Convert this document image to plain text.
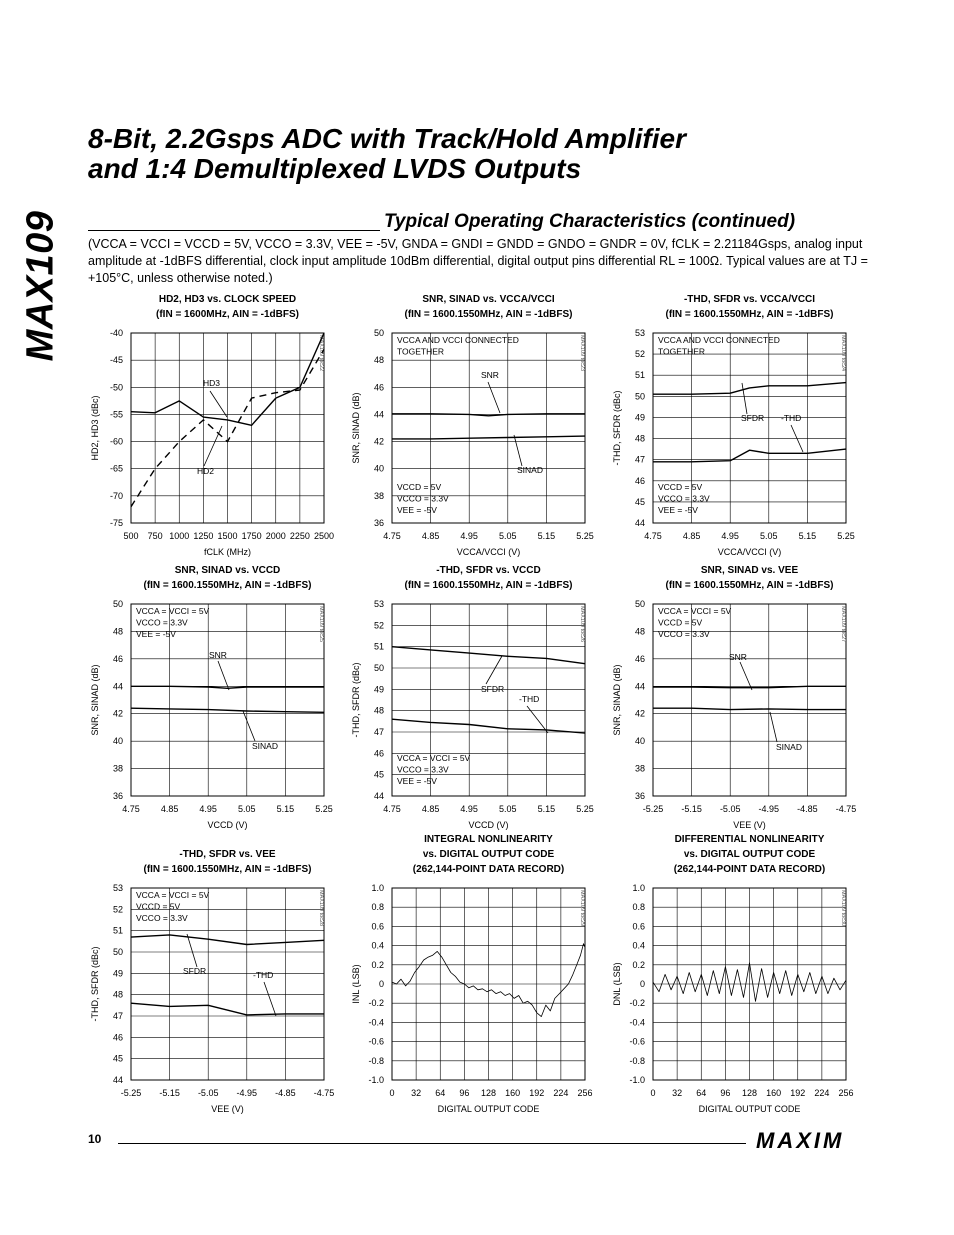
MAX109
8-Bit, 2.2Gsps ADC with Track/Hold Amplifier
and 1:4 Demultiplexed LVDS Outputs
Typical Operating Characteristics (continued)
(VCCA = VCCI = VCCD = 5V, VCCO = 3.3V, VEE = -5V, GNDA = GNDI = GNDD = GNDO = GNDR = 0V, fCLK = 2.21184Gsps, analog input amplitude at -1dBFS differential, clock input amplitude 10dBm differential, digital output pins differential RL = 100Ω. Typical values are at TJ = +105°C, unless otherwise noted.)
HD2, HD3 vs. CLOCK SPEED
(fIN = 1600MHz, AIN = -1dBFS)
500 750 1000 1250 1500 1750 2000 2250 2500
-40
-45
-50
-55
-60
-65
-70
-75
fCLK (MHz)
HD2, HD3 (dBc)
MAX109 toc22
HD3
HD2
SNR, SINAD vs. VCCA/VCCI
(fIN = 1600.1550MHz, AIN = -1dBFS)
4.75 4.85 4.95 5.05 5.15 5.25
50
48
46
44
42
40
38
36
VCCA/VCCI (V)
SNR, SINAD (dB)
MAX109 toc23
SNR
SINAD
VCCA AND VCCI CONNECTED
TOGETHER
VCCD = 5V
VCCO = 3.3V
VEE = -5V
-THD, SFDR vs. VCCA/VCCI
(fIN = 1600.1550MHz, AIN = -1dBFS)
4.75 4.85 4.95 5.05 5.15 5.25
53
52
51
50
49
48
47
46
45
44
VCCA/VCCI (V)
-THD, SFDR (dBc)
MAX109 toc24
SFDR -THD
VCCA AND VCCI CONNECTED
TOGETHER
VCCD = 5V
VCCO = 3.3V
VEE = -5V
SNR, SINAD vs. VCCD
(fIN = 1600.1550MHz, AIN = -1dBFS)
4.75 4.85 4.95 5.05 5.15 5.25
50
48
46
44
42
40
38
36
VCCD (V)
SNR, SINAD (dB)
MAX109 toc25
SNR
SINAD
VCCA = VCCI = 5V
VCCO = 3.3V
VEE = -5V
-THD, SFDR vs. VCCD
(fIN = 1600.1550MHz, AIN = -1dBFS)
4.75 4.85 4.95 5.05 5.15 5.25
53
52
51
50
49
48
47
46
45
44
VCCD (V)
-THD, SFDR (dBc)
MAX109 toc26
SFDR
-THD
VCCA = VCCI = 5V
VCCO = 3.3V
VEE = -5V
SNR, SINAD vs. VEE
(fIN = 1600.1550MHz, AIN = -1dBFS)
-5.25 -5.15 -5.05 -4.95 -4.85 -4.75
50
48
46
44
42
40
38
36
VEE (V)
SNR, SINAD (dB)
MAX109 toc27
SNR
SINAD
VCCA = VCCI = 5V
VCCD = 5V
VCCO = 3.3V
-THD, SFDR vs. VEE
(fIN = 1600.1550MHz, AIN = -1dBFS)
-5.25 -5.15 -5.05 -4.95 -4.85 -4.75
53
52
51
50
49
48
47
46
45
44
VEE (V)
-THD, SFDR (dBc)
MAX109 toc28
SFDR	-THD
VCCA = VCCI = 5V
VCCD = 5V
VCCO = 3.3V
INTEGRAL NONLINEARITY
vs. DIGITAL OUTPUT CODE
(262,144-POINT DATA RECORD)
0 32 64 96 128 160 192 224 256
1.0
0.8
0.6
0.4
0.2
0
-0.2
-0.4
-0.6
-0.8
-1.0
DIGITAL OUTPUT CODE
INL (LSB)
MAX109 toc29
DIFFERENTIAL NONLINEARITY
vs. DIGITAL OUTPUT CODE
(262,144-POINT DATA RECORD)
0 32 64 96 128 160 192 224 256
1.0
0.8
0.6
0.4
0.2
0
-0.2
-0.4
-0.6
-0.8
-1.0
DIGITAL OUTPUT CODE
DNL (LSB)
MAX109 toc30
10	MAXIM
